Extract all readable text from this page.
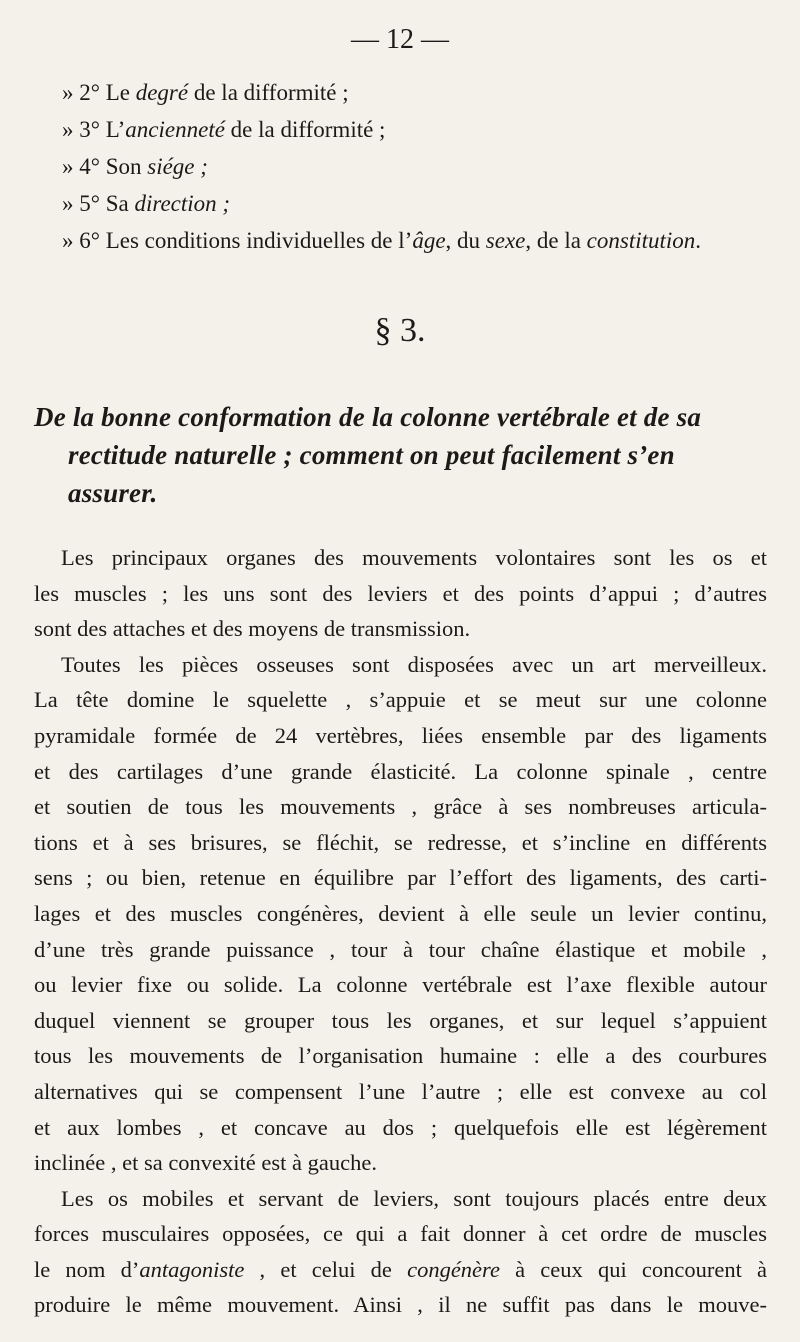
— 12 —
» 2° Le degré de la difformité ;
» 3° L’ancienneté de la difformité ;
» 4° Son siége ;
» 5° Sa direction ;
» 6° Les conditions individuelles de l’âge, du sexe, de la constitution.
§ 3.
De la bonne conformation de la colonne vertébrale et de sa
rectitude naturelle ; comment on peut facilement s’en
assurer.
Les principaux organes des mouvements volontaires sont les os et
les muscles ; les uns sont des leviers et des points d’appui ; d’autres
sont des attaches et des moyens de transmission.
Toutes les pièces osseuses sont disposées avec un art merveilleux.
La tête domine le squelette , s’appuie et se meut sur une colonne
pyramidale formée de 24 vertèbres, liées ensemble par des ligaments
et des cartilages d’une grande élasticité. La colonne spinale , centre
et soutien de tous les mouvements , grâce à ses nombreuses articula-
tions et à ses brisures, se fléchit, se redresse, et s’incline en différents
sens ; ou bien, retenue en équilibre par l’effort des ligaments, des carti-
lages et des muscles congénères, devient à elle seule un levier continu,
d’une très grande puissance , tour à tour chaîne élastique et mobile ,
ou levier fixe ou solide. La colonne vertébrale est l’axe flexible autour
duquel viennent se grouper tous les organes, et sur lequel s’appuient
tous les mouvements de l’organisation humaine : elle a des courbures
alternatives qui se compensent l’une l’autre ; elle est convexe au col
et aux lombes , et concave au dos ; quelquefois elle est légèrement
inclinée , et sa convexité est à gauche.
Les os mobiles et servant de leviers, sont toujours placés entre deux
forces musculaires opposées, ce qui a fait donner à cet ordre de muscles
le nom d’antagoniste , et celui de congénère à ceux qui concourent à
produire le même mouvement. Ainsi , il ne suffit pas dans le mouve-
